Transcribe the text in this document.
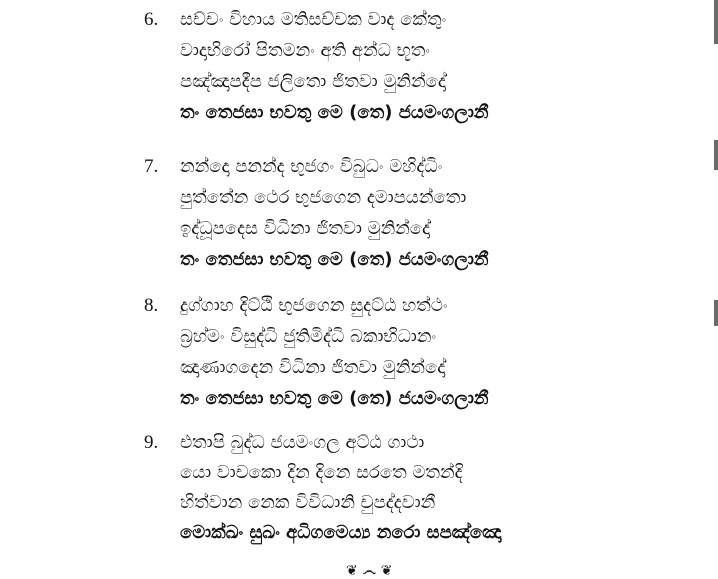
6. සච්චං විහාය මතිසච්චක වාද කේතුං
වාදාභිරෝ පිතමනං අති අන්ධ භූතං
පඤ්ඤාපදීප ජලිතො ජිතවා මුනින්දෝ
තං තෙජසා භවතු මෙ (තෙ) ජයමංගලානී
7. නන්දො පනන්ද භුජගං විබුධං මහිද්ධිං
පුත්තේන ථෙර භුජගෙන දමාපයන්තො
ඉද්ධූපදෙස විධිනා ජිතවා මුනින්දෝ
තං තෙජසා භවතු මෙ (තෙ) ජයමංගලානී
8. දුග්ගාහ දිට්ඨි භුජගෙන සුදට්ඨ හත්ථං
බ්‍රහ්මං විසුද්ධි ජුතිමිද්ධි බකාභිධානං
ඤාණාගදෙන විධිනා ජිතවා මුනින්දෝ
තං තෙජසා භවතු මෙ (තෙ) ජයමංගලානී
9. එතාපි බුද්ධ ජයමංගල අට්ඨ ගාථා
යො වාචකො දින දිනෙ සරතෙ මතන්දි
හිත්වාන නෙක විවිධානි චුපද්දවානී
මොක්ඛං සුඛං අධිගමෙය්‍ය නරො සපඤ්ඤො
❦ ෴ ❦
